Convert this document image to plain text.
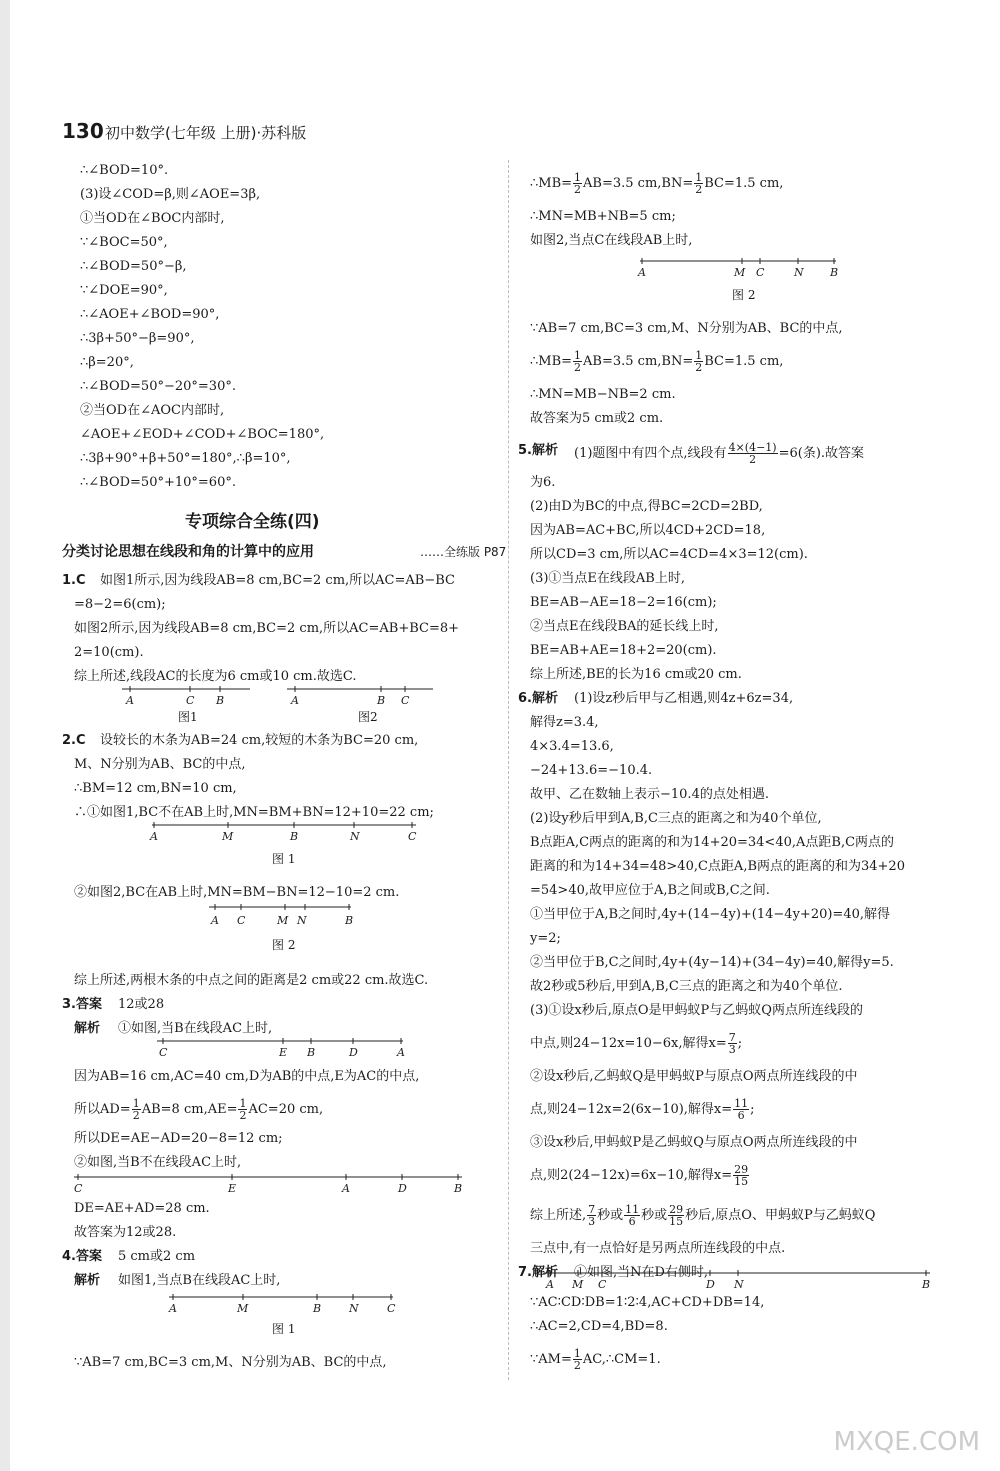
130 初中数学(七年级 上册)·苏科版
∴∠BOD=10°.
(3)设∠COD=β,则∠AOE=3β,
①当OD在∠BOC内部时,
∵∠BOC=50°,
∴∠BOD=50°−β,
∵∠DOE=90°,
∴∠AOE+∠BOD=90°,
∴3β+50°−β=90°,
∴β=20°,
∴∠BOD=50°−20°=30°.
②当OD在∠AOC内部时,
∠AOE+∠EOD+∠COD+∠BOC=180°,
∴3β+90°+β+50°=180°,∴β=10°,
∴∠BOD=50°+10°=60°.
专项综合全练(四)
分类讨论思想在线段和角的计算中的应用	……全练版 P87
1.C 如图1所示,因为线段AB=8 cm,BC=2 cm,所以AC=AB−BC
=8−2=6(cm);
如图2所示,因为线段AB=8 cm,BC=2 cm,所以AC=AB+BC=8+
2=10(cm).
综上所述,线段AC的长度为6 cm或10 cm.故选C.
A	C B
图1
A	B C
图2
2.C 设较长的木条为AB=24 cm,较短的木条为BC=20 cm,
M、N分别为AB、BC的中点,
∴BM=12 cm,BN=10 cm,
∴①如图1,BC不在AB上时,MN=BM+BN=12+10=22 cm;
A	M	B	N	C
图 1
②如图2,BC在AB上时,MN=BM−BN=12−10=2 cm.
A C	M N	B
图 2
综上所述,两根木条的中点之间的距离是2 cm或22 cm.故选C.
3.答案 12或28
解析 ①如图,当B在线段AC上时,
C	E B	D	A
因为AB=16 cm,AC=40 cm,D为AB的中点,E为AC的中点,
所以$AD= \frac{1}{2} AB=8$ $cm,AE= \frac{1}{2} AC=20$ cm,
所以DE=AE−AD=20−8=12 cm;
②如图,当B不在线段AC上时,
C	E	A	D	B
DE=AE+AD=28 cm.
故答案为12或28.
4.答案 5 cm或2 cm
解析 如图1,当点B在线段AC上时,
A	M	B	N	C
图 1
∵AB=7 cm,BC=3 cm,M、N分别为AB、BC的中点,
∴MB= $\frac{1}{2} AB=3.5$ $cm,BN= \frac{1}{2} BC=1.5$ cm,
∴MN=MB+NB=5 cm;
如图2,当点C在线段AB上时,
A	M C	N B
图 2
∵AB=7 cm,BC=3 cm,M、N分别为AB、BC的中点,
∴MB= $\frac{1}{2} AB=3.5$ $cm,BN= \frac{1}{2} BC=1.5$ cm,
∴MN=MB−NB=2 cm.
故答案为5 cm或2 cm.
5.解析 (1)题图中有四个点,线段有 $\frac{4\times(4-1)}{2} =6$(条).故答案
为6.
(2)由D为BC的中点,得BC=2CD=2BD,
因为AB=AC+BC,所以4CD+2CD=18,
所以CD=3 cm,所以AC=4CD=4×3=12(cm).
(3)①当点E在线段AB上时,
BE=AB−AE=18−2=16(cm);
②当点E在线段BA的延长线上时,
BE=AB+AE=18+2=20(cm).
综上所述,BE的长为16 cm或20 cm.
6.解析 (1)设z秒后甲与乙相遇,则4z+6z=34,
解得z=3.4,
4×3.4=13.6,
−24+13.6=−10.4.
故甲、乙在数轴上表示−10.4的点处相遇.
(2)设y秒后甲到A,B,C三点的距离之和为40个单位,
B点距A,C两点的距离的和为14+20=34<40,A点距B,C两点的
距离的和为14+34=48>40,C点距A,B两点的距离的和为34+20
=54>40,故甲应位于A,B之间或B,C之间.
①当甲位于A,B之间时,4y+(14−4y)+(14−4y+20)=40,解得
y=2;
②当甲位于B,C之间时,4y+(4y−14)+(34−4y)=40,解得y=5.
故2秒或5秒后,甲到A,B,C三点的距离之和为40个单位.
(3)①设x秒后,原点O是甲蚂蚁P与乙蚂蚁Q两点所连线段的
中点,则24−12x=10−6x,解得$x= \frac{7}{3}$ ;
②设x秒后,乙蚂蚁Q是甲蚂蚁P与原点O两点所连线段的中
点,则24−12x=2(6x−10),解得$x= \frac{11}{6}$ ;
③设x秒后,甲蚂蚁P是乙蚂蚁Q与原点O两点所连线段的中
点,则2(24−12x)=6x−10,解得$x= \frac{29}{15}$
综上所述, $\frac{7}{3}$ 秒或 $\frac{11}{6}$ 秒或 $\frac{29}{15}$ 秒后,原点O、甲蚂蚁P与乙蚂蚁Q
三点中,有一点恰好是另两点所连线段的中点.
7.解析 ①如图,当N在D右侧时,
A M C	D N	B
∵AC∶CD∶DB=1∶2∶4,AC+CD+DB=14,
∴AC=2,CD=4,BD=8.
∵AM= $\frac{1}{2}$ AC,∴CM=1.
MXQE.COM
